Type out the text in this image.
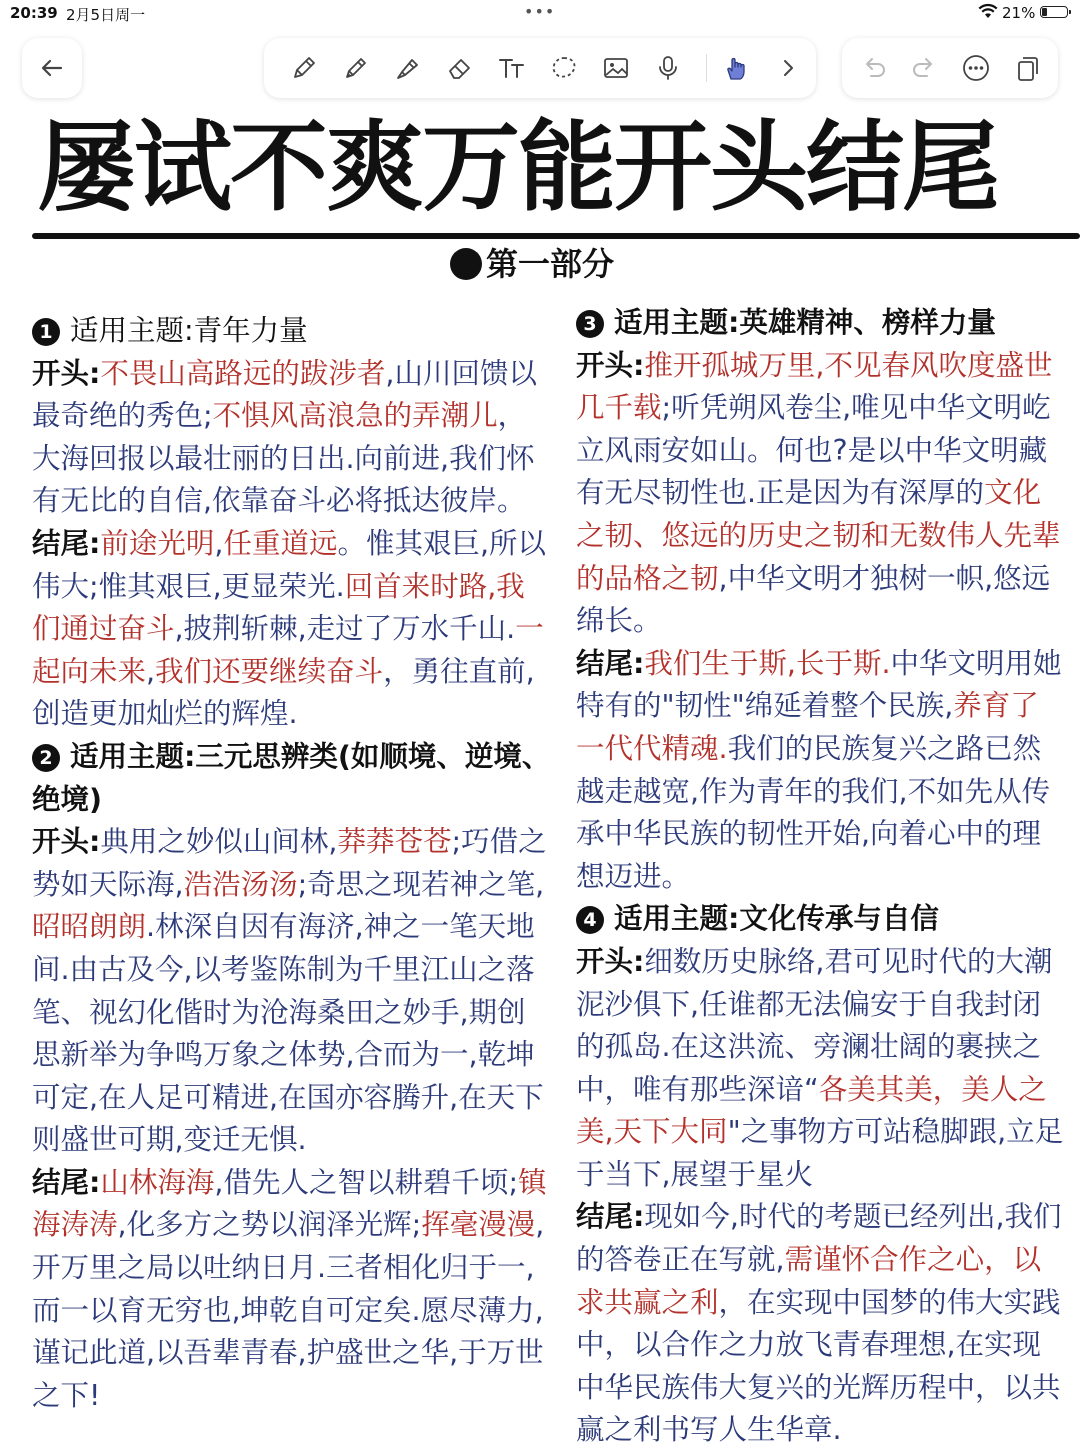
20:39 2月5日周一	•••	21%
屡试不爽万能开头结尾
第一部分

1 适用主题:青年力量

开头:不畏山高路远的跋涉者,山川回馈以最奇绝的秀色;不惧风高浪急的弄潮儿，大海回报以最壮丽的日出.向前进,我们怀有无比的自信,依靠奋斗必将抵达彼岸。

结尾:前途光明,任重道远。惟其艰巨,所以伟大;惟其艰巨,更显荣光.回首来时路,我们通过奋斗,披荆斩棘,走过了万水千山.一起向未来,我们还要继续奋斗，勇往直前,创造更加灿烂的辉煌.

2 适用主题:三元思辨类(如顺境、逆境、绝境)

开头:典用之妙似山间林,莽莽苍苍;巧借之势如天际海,浩浩汤汤;奇思之现若神之笔,昭昭朗朗.林深自因有海济,神之一笔天地间.由古及今,以考鉴陈制为千里江山之落笔、视幻化偕时为沧海桑田之妙手,期创思新举为争鸣万象之体势,合而为一,乾坤可定,在人足可精进,在国亦容腾升,在天下则盛世可期,变迁无惧.

结尾:山林海海,借先人之智以耕碧千顷;镇海涛涛,化多方之势以润泽光辉;挥毫漫漫,开万里之局以吐纳日月.三者相化归于一,而一以育无穷也,坤乾自可定矣.愿尽薄力,谨记此道,以吾辈青春,护盛世之华,于万世之下!

3 适用主题:英雄精神、榜样力量

开头:推开孤城万里,不见春风吹度盛世几千载;听凭朔风卷尘,唯见中华文明屹立风雨安如山。何也?是以中华文明藏有无尽韧性也.正是因为有深厚的文化之韧、悠远的历史之韧和无数伟人先辈的品格之韧,中华文明才独树一帜,悠远绵长。

结尾:我们生于斯,长于斯.中华文明用她特有的"韧性"绵延着整个民族,养育了一代代精魂.我们的民族复兴之路已然越走越宽,作为青年的我们,不如先从传承中华民族的韧性开始,向着心中的理想迈进。

4 适用主题:文化传承与自信

开头:细数历史脉络,君可见时代的大潮泥沙俱下,任谁都无法偏安于自我封闭的孤岛.在这洪流、旁澜壮阔的裹挟之中，唯有那些深谙“各美其美，美人之美,天下大同"之事物方可站稳脚跟,立足于当下,展望于星火

结尾:现如今,时代的考题已经列出,我们的答卷正在写就,需谨怀合作之心，以求共赢之利，在实现中国梦的伟大实践中，以合作之力放飞青春理想,在实现中华民族伟大复兴的光辉历程中，以共赢之利书写人生华章.
